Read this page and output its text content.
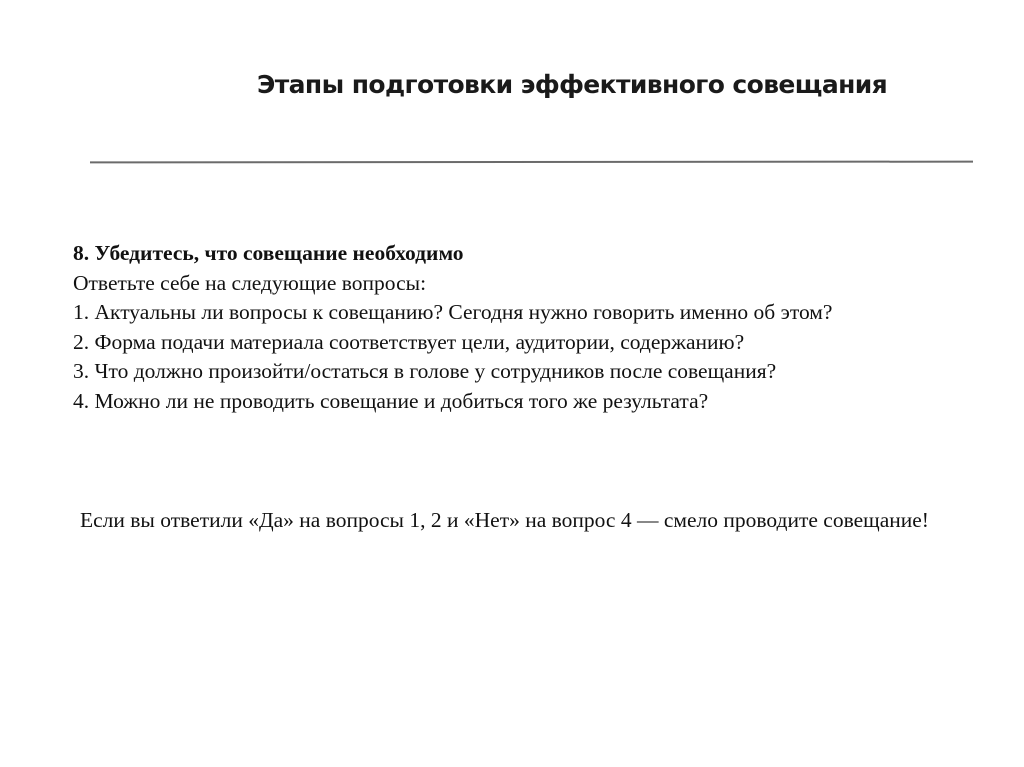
Этапы подготовки эффективного совещания
8. Убедитесь, что совещание необходимо
Ответьте себе на следующие вопросы:
1. Актуальны ли вопросы к совещанию? Сегодня нужно говорить именно об этом?
2. Форма подачи материала соответствует цели, аудитории, содержанию?
3. Что должно произойти/остаться в голове у сотрудников после совещания?
4. Можно ли не проводить совещание и добиться того же результата?
Если вы ответили «Да» на вопросы 1, 2 и «Нет» на вопрос 4 — смело проводите совещание!
